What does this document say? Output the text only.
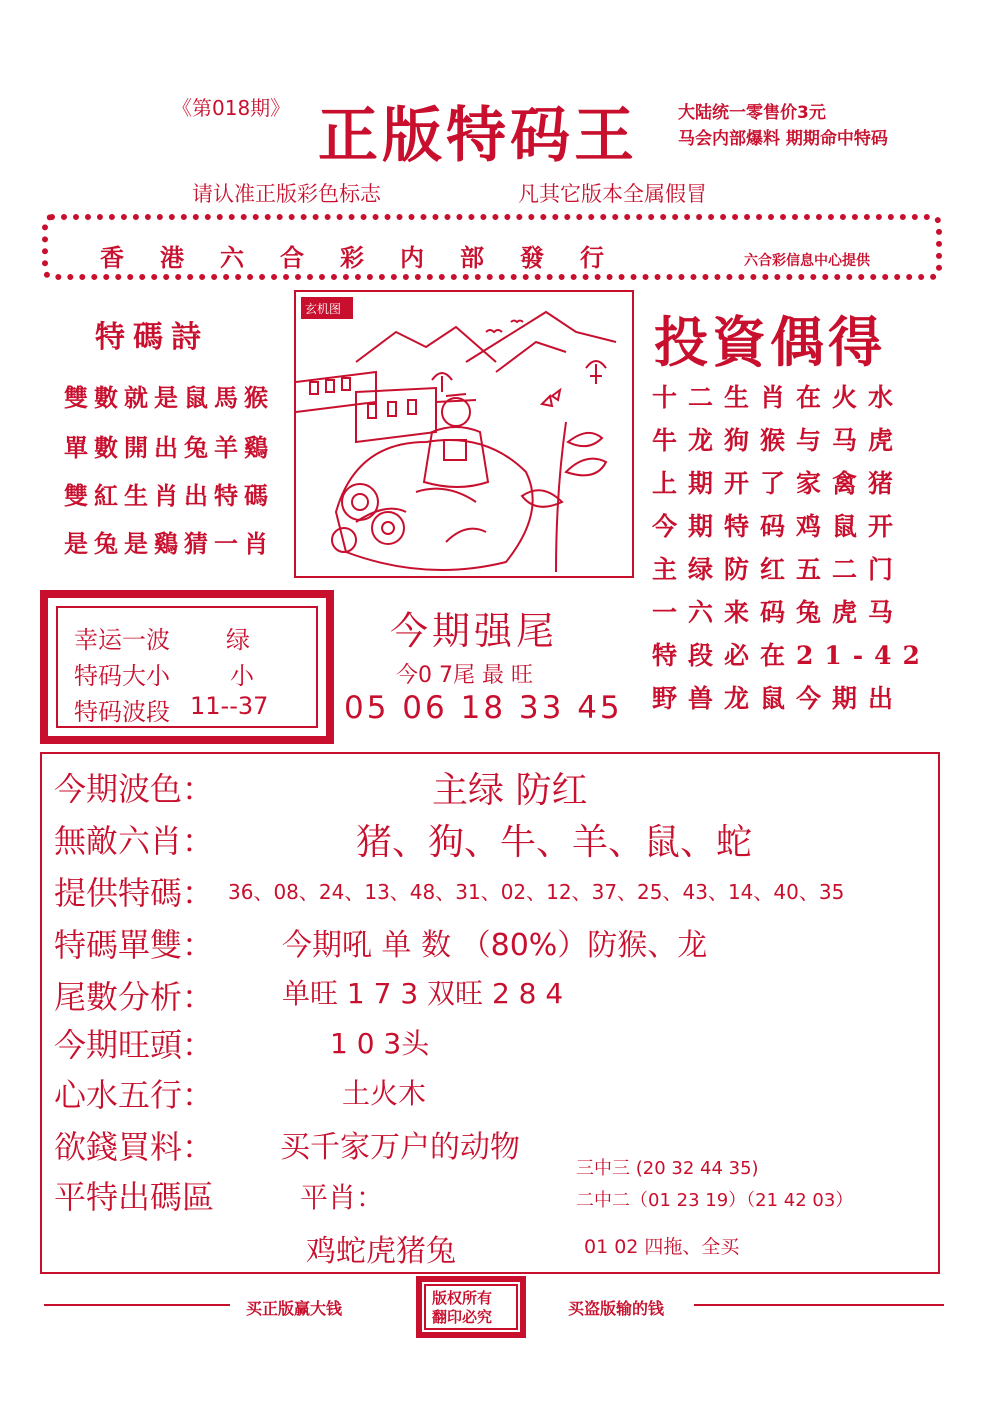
《第018期》 正版特码王 大陆统一零售价3元
马会内部爆料 期期命中特码
请认准正版彩色标志	凡其它版本全属假冒
香港六合彩内部發行	六合彩信息中心提供
特碼詩
雙數就是鼠馬猴
單數開出兔羊鷄
雙紅生肖出特碼
是兔是鷄猜一肖
玄机图
投資偶得
十二生肖在火水
牛龙狗猴与马虎
上期开了家禽猪
今期特码鸡鼠开
主绿防红五二门
一六来码兔虎马
特段必在21-42
野兽龙鼠今期出
幸运一波 绿
特码大小	小
特码波段 11--37
今期强尾
今0 7尾 最 旺
05 06 18 33 45
今期波色：	主绿 防红
無敵六肖：	猪、狗、牛、羊、鼠、蛇
提供特碼： 36、08、24、13、48、31、02、12、37、25、43、14、40、35
特碼單雙： 今期吼 单 数 （80%）防猴、龙
尾數分析： 单旺 1 7 3 双旺 2 8 4
今期旺頭：	1 0 3头
心水五行：	土火木
欲錢買料： 买千家万户的动物
平特出碼區	平肖：
鸡蛇虎猪兔
三中三 (20 32 44 35)
二中二（01 23 19）（21 42 03）
01 02 四拖、全买
买正版赢大钱	买盗版输的钱
版权所有
翻印必究
